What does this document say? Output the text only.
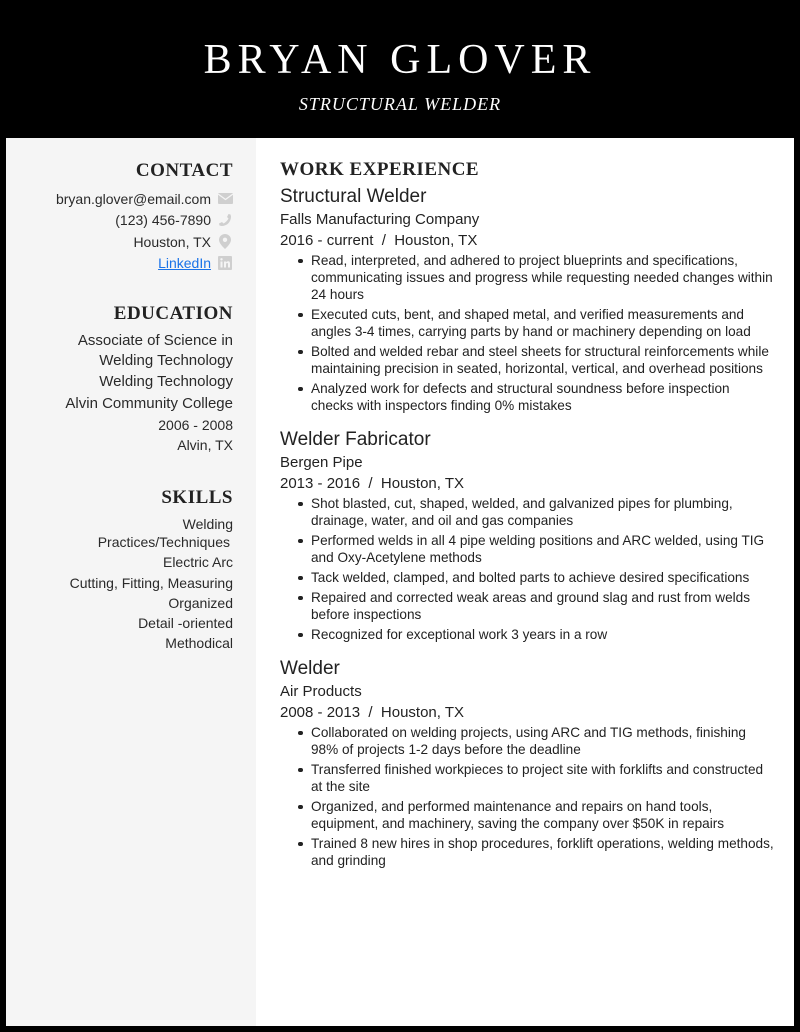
BRYAN GLOVER
STRUCTURAL WELDER
CONTACT
bryan.glover@email.com
(123) 456-7890
Houston, TX
LinkedIn
EDUCATION
Associate of Science in
Welding Technology
Welding Technology
Alvin Community College
2006 - 2008
Alvin, TX
SKILLS
Welding
Practices/Techniques
Electric Arc
Cutting, Fitting, Measuring
Organized
Detail -oriented
Methodical
WORK EXPERIENCE
Structural Welder
Falls Manufacturing Company
2016 - current  /  Houston, TX
Read, interpreted, and adhered to project blueprints and specifications, communicating issues and progress while requesting needed changes within 24 hours
Executed cuts, bent, and shaped metal, and verified measurements and angles 3-4 times, carrying parts by hand or machinery depending on load
Bolted and welded rebar and steel sheets for structural reinforcements while maintaining precision in seated, horizontal, vertical, and overhead positions
Analyzed work for defects and structural soundness before inspection checks with inspectors finding 0% mistakes
Welder Fabricator
Bergen Pipe
2013 - 2016  /  Houston, TX
Shot blasted, cut, shaped, welded, and galvanized pipes for plumbing, drainage, water, and oil and gas companies
Performed welds in all 4 pipe welding positions and ARC welded, using TIG and Oxy-Acetylene methods
Tack welded, clamped, and bolted parts to achieve desired specifications
Repaired and corrected weak areas and ground slag and rust from welds before inspections
Recognized for exceptional work 3 years in a row
Welder
Air Products
2008 - 2013  /  Houston, TX
Collaborated on welding projects, using ARC and TIG methods, finishing 98% of projects 1-2 days before the deadline
Transferred finished workpieces to project site with forklifts and constructed at the site
Organized, and performed maintenance and repairs on hand tools, equipment, and machinery, saving the company over $50K in repairs
Trained 8 new hires in shop procedures, forklift operations, welding methods, and grinding
